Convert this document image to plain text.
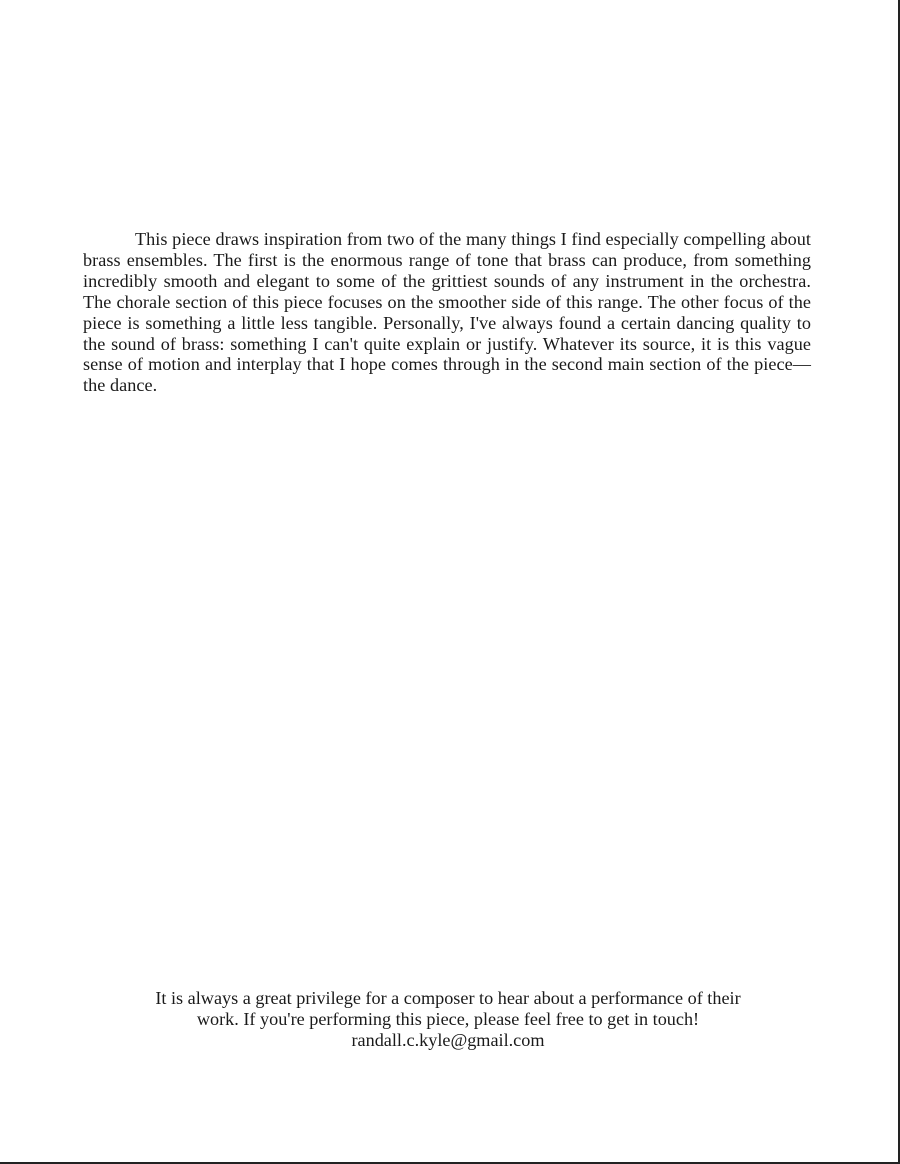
This piece draws inspiration from two of the many things I find especially compelling about brass ensembles. The first is the enormous range of tone that brass can produce, from something incredibly smooth and elegant to some of the grittiest sounds of any instrument in the orchestra. The chorale section of this piece focuses on the smoother side of this range. The other focus of the piece is something a little less tangible. Personally, I've always found a certain dancing quality to the sound of brass: something I can't quite explain or justify. Whatever its source, it is this vague sense of motion and interplay that I hope comes through in the second main section of the piece—the dance.

It is always a great privilege for a composer to hear about a performance of their

work. If you're performing this piece, please feel free to get in touch!

randall.c.kyle@gmail.com
